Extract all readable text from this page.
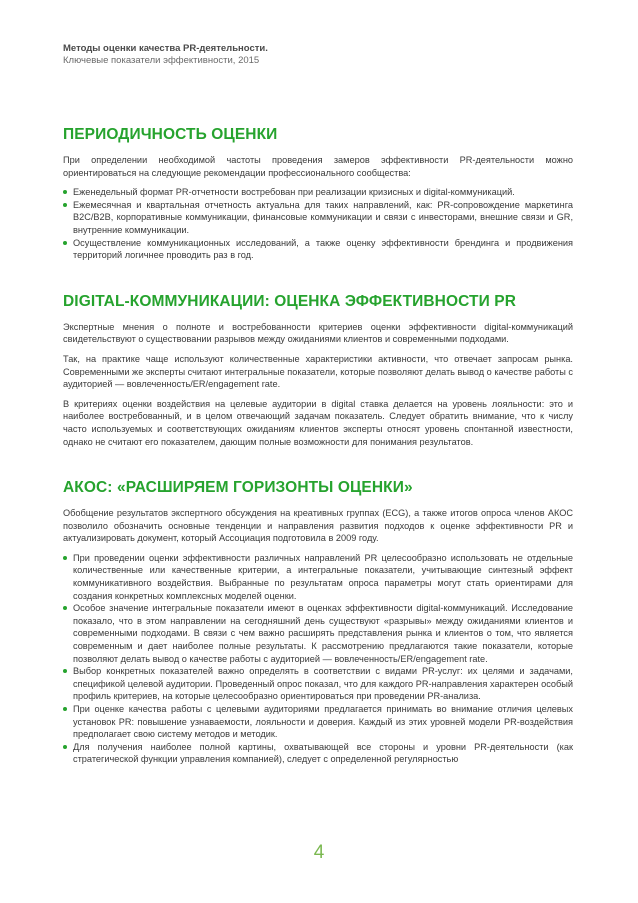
Методы оценки качества PR-деятельности.
Ключевые показатели эффективности, 2015
ПЕРИОДИЧНОСТЬ ОЦЕНКИ

При определении необходимой частоты проведения замеров эффективности PR-деятельности можно ориентироваться на следующие рекомендации профессионального сообщества:

Еженедельный формат PR-отчетности востребован при реализации кризисных и digital-коммуникаций.
Ежемесячная и квартальная отчетность актуальна для таких направлений, как: PR-сопровождение маркетинга B2C/B2B, корпоративные коммуникации, финансовые коммуникации и связи с инвесторами, внешние связи и GR, внутренние коммуникации.
Осуществление коммуникационных исследований, а также оценку эффективности брендинга и продвижения территорий логичнее проводить раз в год.
DIGITAL-КОММУНИКАЦИИ: ОЦЕНКА ЭФФЕКТИВНОСТИ PR

Экспертные мнения о полноте и востребованности критериев оценки эффективности digital-коммуникаций свидетельствуют о существовании разрывов между ожиданиями клиентов и современными подходами.

Так, на практике чаще используют количественные характеристики активности, что отвечает запросам рынка. Современными же эксперты считают интегральные показатели, которые позволяют делать вывод о качестве работы с аудиторией — вовлеченность/ER/engagement rate.

В критериях оценки воздействия на целевые аудитории в digital ставка делается на уровень лояльности: это и наиболее востребованный, и в целом отвечающий задачам показатель. Следует обратить внимание, что к числу часто используемых и соответствующих ожиданиям клиентов эксперты относят уровень спонтанной известности, однако не считают его показателем, дающим полные возможности для понимания результатов.

АКОС: «РАСШИРЯЕМ ГОРИЗОНТЫ ОЦЕНКИ»

Обобщение результатов экспертного обсуждения на креативных группах (ECG), а также итогов опроса членов АКОС позволило обозначить основные тенденции и направления развития подходов к оценке эффективности PR и актуализировать документ, который Ассоциация подготовила в 2009 году.

При проведении оценки эффективности различных направлений PR целесообразно использовать не отдельные количественные или качественные критерии, а интегральные показатели, учитывающие синтезный эффект коммуникативного воздействия. Выбранные по результатам опроса параметры могут стать ориентирами для создания конкретных комплексных моделей оценки.
Особое значение интегральные показатели имеют в оценках эффективности digital-коммуникаций. Исследование показало, что в этом направлении на сегодняшний день существуют «разрывы» между ожиданиями клиентов и современными подходами. В связи с чем важно расширять представления рынка и клиентов о том, что является современным и дает наиболее полные результаты. К рассмотрению предлагаются такие показатели, которые позволяют делать вывод о качестве работы с аудиторией — вовлеченность/ER/engagement rate.
Выбор конкретных показателей важно определять в соответствии с видами PR-услуг: их целями и задачами, спецификой целевой аудитории. Проведенный опрос показал, что для каждого PR-направления характерен особый профиль критериев, на которые целесообразно ориентироваться при проведении PR-анализа.
При оценке качества работы с целевыми аудиториями предлагается принимать во внимание отличия целевых установок PR: повышение узнаваемости, лояльности и доверия. Каждый из этих уровней модели PR-воздействия предполагает свою систему методов и методик.
Для получения наиболее полной картины, охватывающей все стороны и уровни PR-деятельности (как стратегической функции управления компанией), следует с определенной регулярностью
4
